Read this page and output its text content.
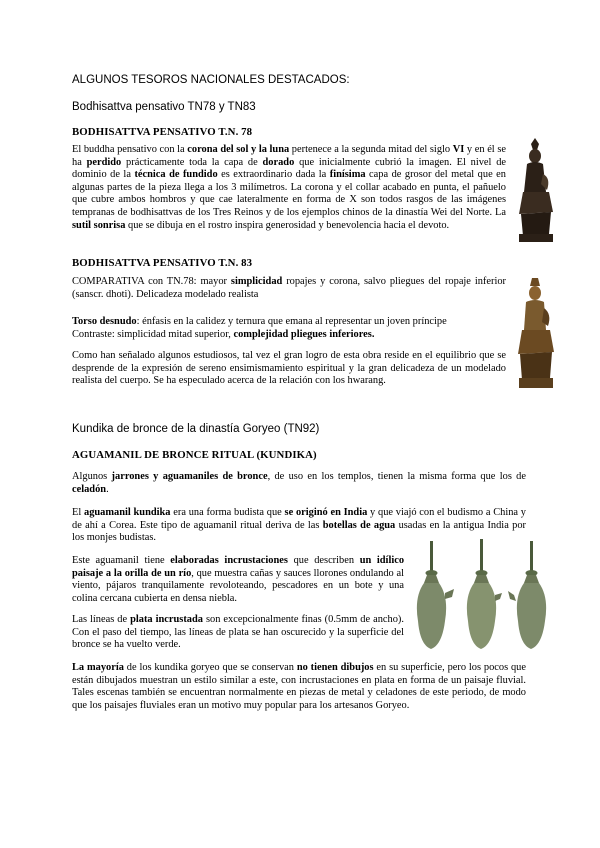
ALGUNOS TESOROS NACIONALES DESTACADOS:
Bodhisattva pensativo TN78 y TN83
BODHISATTVA PENSATIVO T.N. 78

El buddha pensativo con la corona del sol y la luna pertenece a la segunda mitad del siglo VI y en él se ha perdido prácticamente toda la capa de dorado que inicialmente cubrió la imagen. El nivel de dominio de la técnica de fundido es extraordinario dada la finísima capa de grosor del metal que en algunas partes de la pieza llega a los 3 milímetros. La corona y el collar acabado en punta, el pañuelo que cubre ambos hombros y que cae lateralmente en forma de X son todos rasgos de las imágenes tempranas de bodhisattvas de los Tres Reinos y de los ejemplos chinos de la dinastía Wei del Norte. La sutil sonrisa que se dibuja en el rostro inspira generosidad y benevolencia hacia el devoto.

BODHISATTVA PENSATIVO T.N. 83

COMPARATIVA con TN.78: mayor simplicidad ropajes y corona, salvo pliegues del ropaje inferior (sanscr. dhoti). Delicadeza modelado realista

Torso desnudo: énfasis en la calidez y ternura que emana al representar un joven príncipe
Contraste: simplicidad mitad superior, complejidad pliegues inferiores.

Como han señalado algunos estudiosos, tal vez el gran logro de esta obra reside en el equilibrio que se desprende de la expresión de sereno ensimismamiento espiritual y la gran delicadeza de un modelado realista del cuerpo. Se ha especulado acerca de la relación con los hwarang.

Kundika de bronce de la dinastía Goryeo (TN92)
AGUAMANIL DE BRONCE RITUAL (KUNDIKA)

Algunos jarrones y aguamaniles de bronce, de uso en los templos, tienen la misma forma que los de celadón.

El aguamanil kundika era una forma budista que se originó en India y que viajó con el budismo a China y de ahí a Corea. Este tipo de aguamanil ritual deriva de las botellas de agua usadas en la antigua India por los monjes budistas.

Este aguamanil tiene elaboradas incrustaciones que describen un idílico paisaje a la orilla de un río, que muestra cañas y sauces llorones ondulando al viento, pájaros tranquilamente revoloteando, pescadores en un bote y una colina cercana cubierta en densa niebla.

Las líneas de plata incrustada son excepcionalmente finas (0.5mm de ancho). Con el paso del tiempo, las líneas de plata se han oscurecido y la superficie del bronce se ha vuelto verde.

La mayoría de los kundika goryeo que se conservan no tienen dibujos en su superficie, pero los pocos que están dibujados muestran un estilo similar a este, con incrustaciones en plata en forma de un paisaje fluvial. Tales escenas también se encuentran normalmente en piezas de metal y celadones de este periodo, de modo que los paisajes fluviales eran un motivo muy popular para los artesanos Goryeo.
